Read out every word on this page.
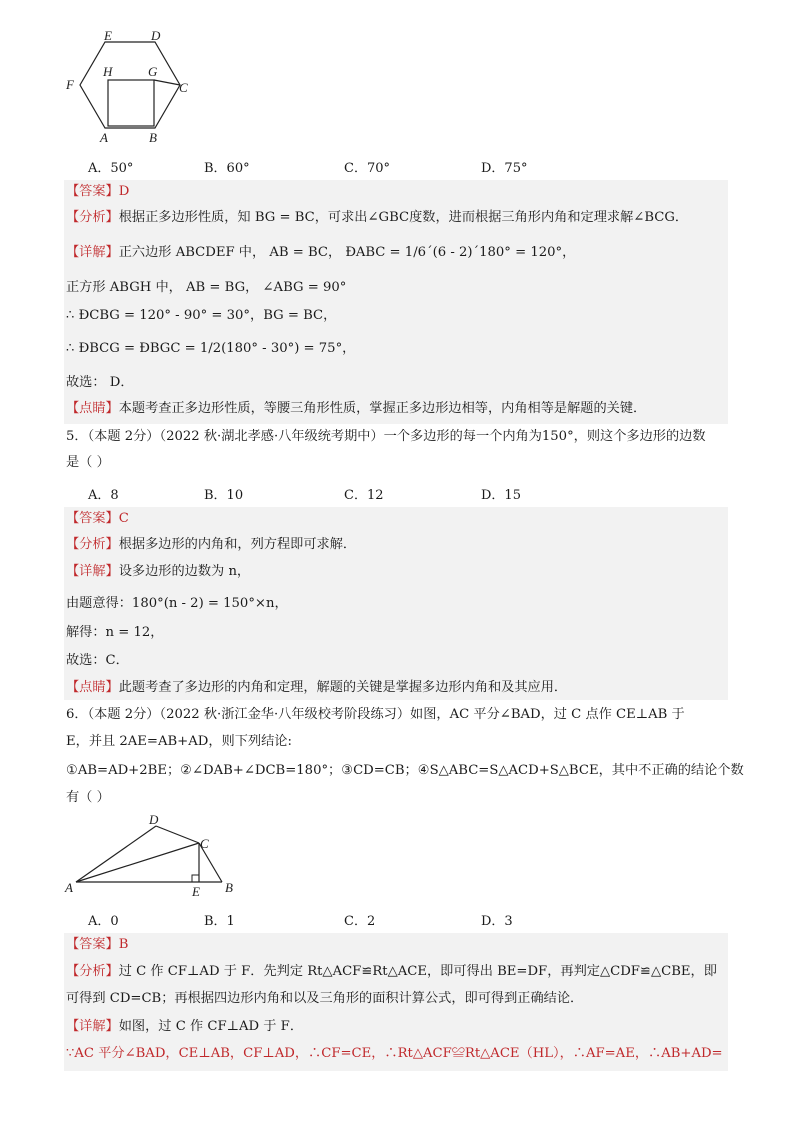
E	D
F
H	G
C
A	B
A．50°	B．60°	C．70°	D．75°
【答案】D
【分析】根据正多边形性质，知 BG = BC，可求出∠GBC度数，进而根据三角形内角和定理求解∠BCG．
【详解】正六边形 ABCDEF 中， AB = BC， ÐABC = 1/6´(6 - 2)´180° = 120°，
正方形 ABGH 中， AB = BG， ∠ABG = 90°
∴ ÐCBG = 120° - 90° = 30°，BG = BC，
∴ ÐBCG = ÐBGC = 1/2(180° - 30°) = 75°，
故选： D．
【点睛】本题考查正多边形性质，等腰三角形性质，掌握正多边形边相等，内角相等是解题的关键．
5．（本题 2分）（2022 秋·湖北孝感·八年级统考期中）一个多边形的每一个内角为150°，则这个多边形的边数
是（ ）
A．8	B．10	C．12	D．15
【答案】C
【分析】根据多边形的内角和，列方程即可求解．
【详解】设多边形的边数为 n，
由题意得：180°(n - 2) = 150°×n，
解得：n = 12，
故选：C．
【点睛】此题考查了多边形的内角和定理，解题的关键是掌握多边形内角和及其应用．
6．（本题 2分）（2022 秋·浙江金华·八年级校考阶段练习）如图，AC 平分∠BAD，过 C 点作 CE⊥AB 于
E，并且 2AE=AB+AD，则下列结论:
①AB=AD+2BE；②∠DAB+∠DCB=180°；③CD=CB；④S△ABC=S△ACD+S△BCE，其中不正确的结论个数
有（ ）
D
C
A	E B
A．0	B．1	C．2	D．3
【答案】B
【分析】过 C 作 CF⊥AD 于 F．先判定 Rt△ACF≌Rt△ACE，即可得出 BE=DF，再判定△CDF≌△CBE，即
可得到 CD=CB；再根据四边形内角和以及三角形的面积计算公式，即可得到正确结论．
【详解】如图，过 C 作 CF⊥AD 于 F．
∵AC 平分∠BAD，CE⊥AB，CF⊥AD，∴CF=CE，∴Rt△ACF≌Rt△ACE（HL），∴AF=AE，∴AB+AD=
